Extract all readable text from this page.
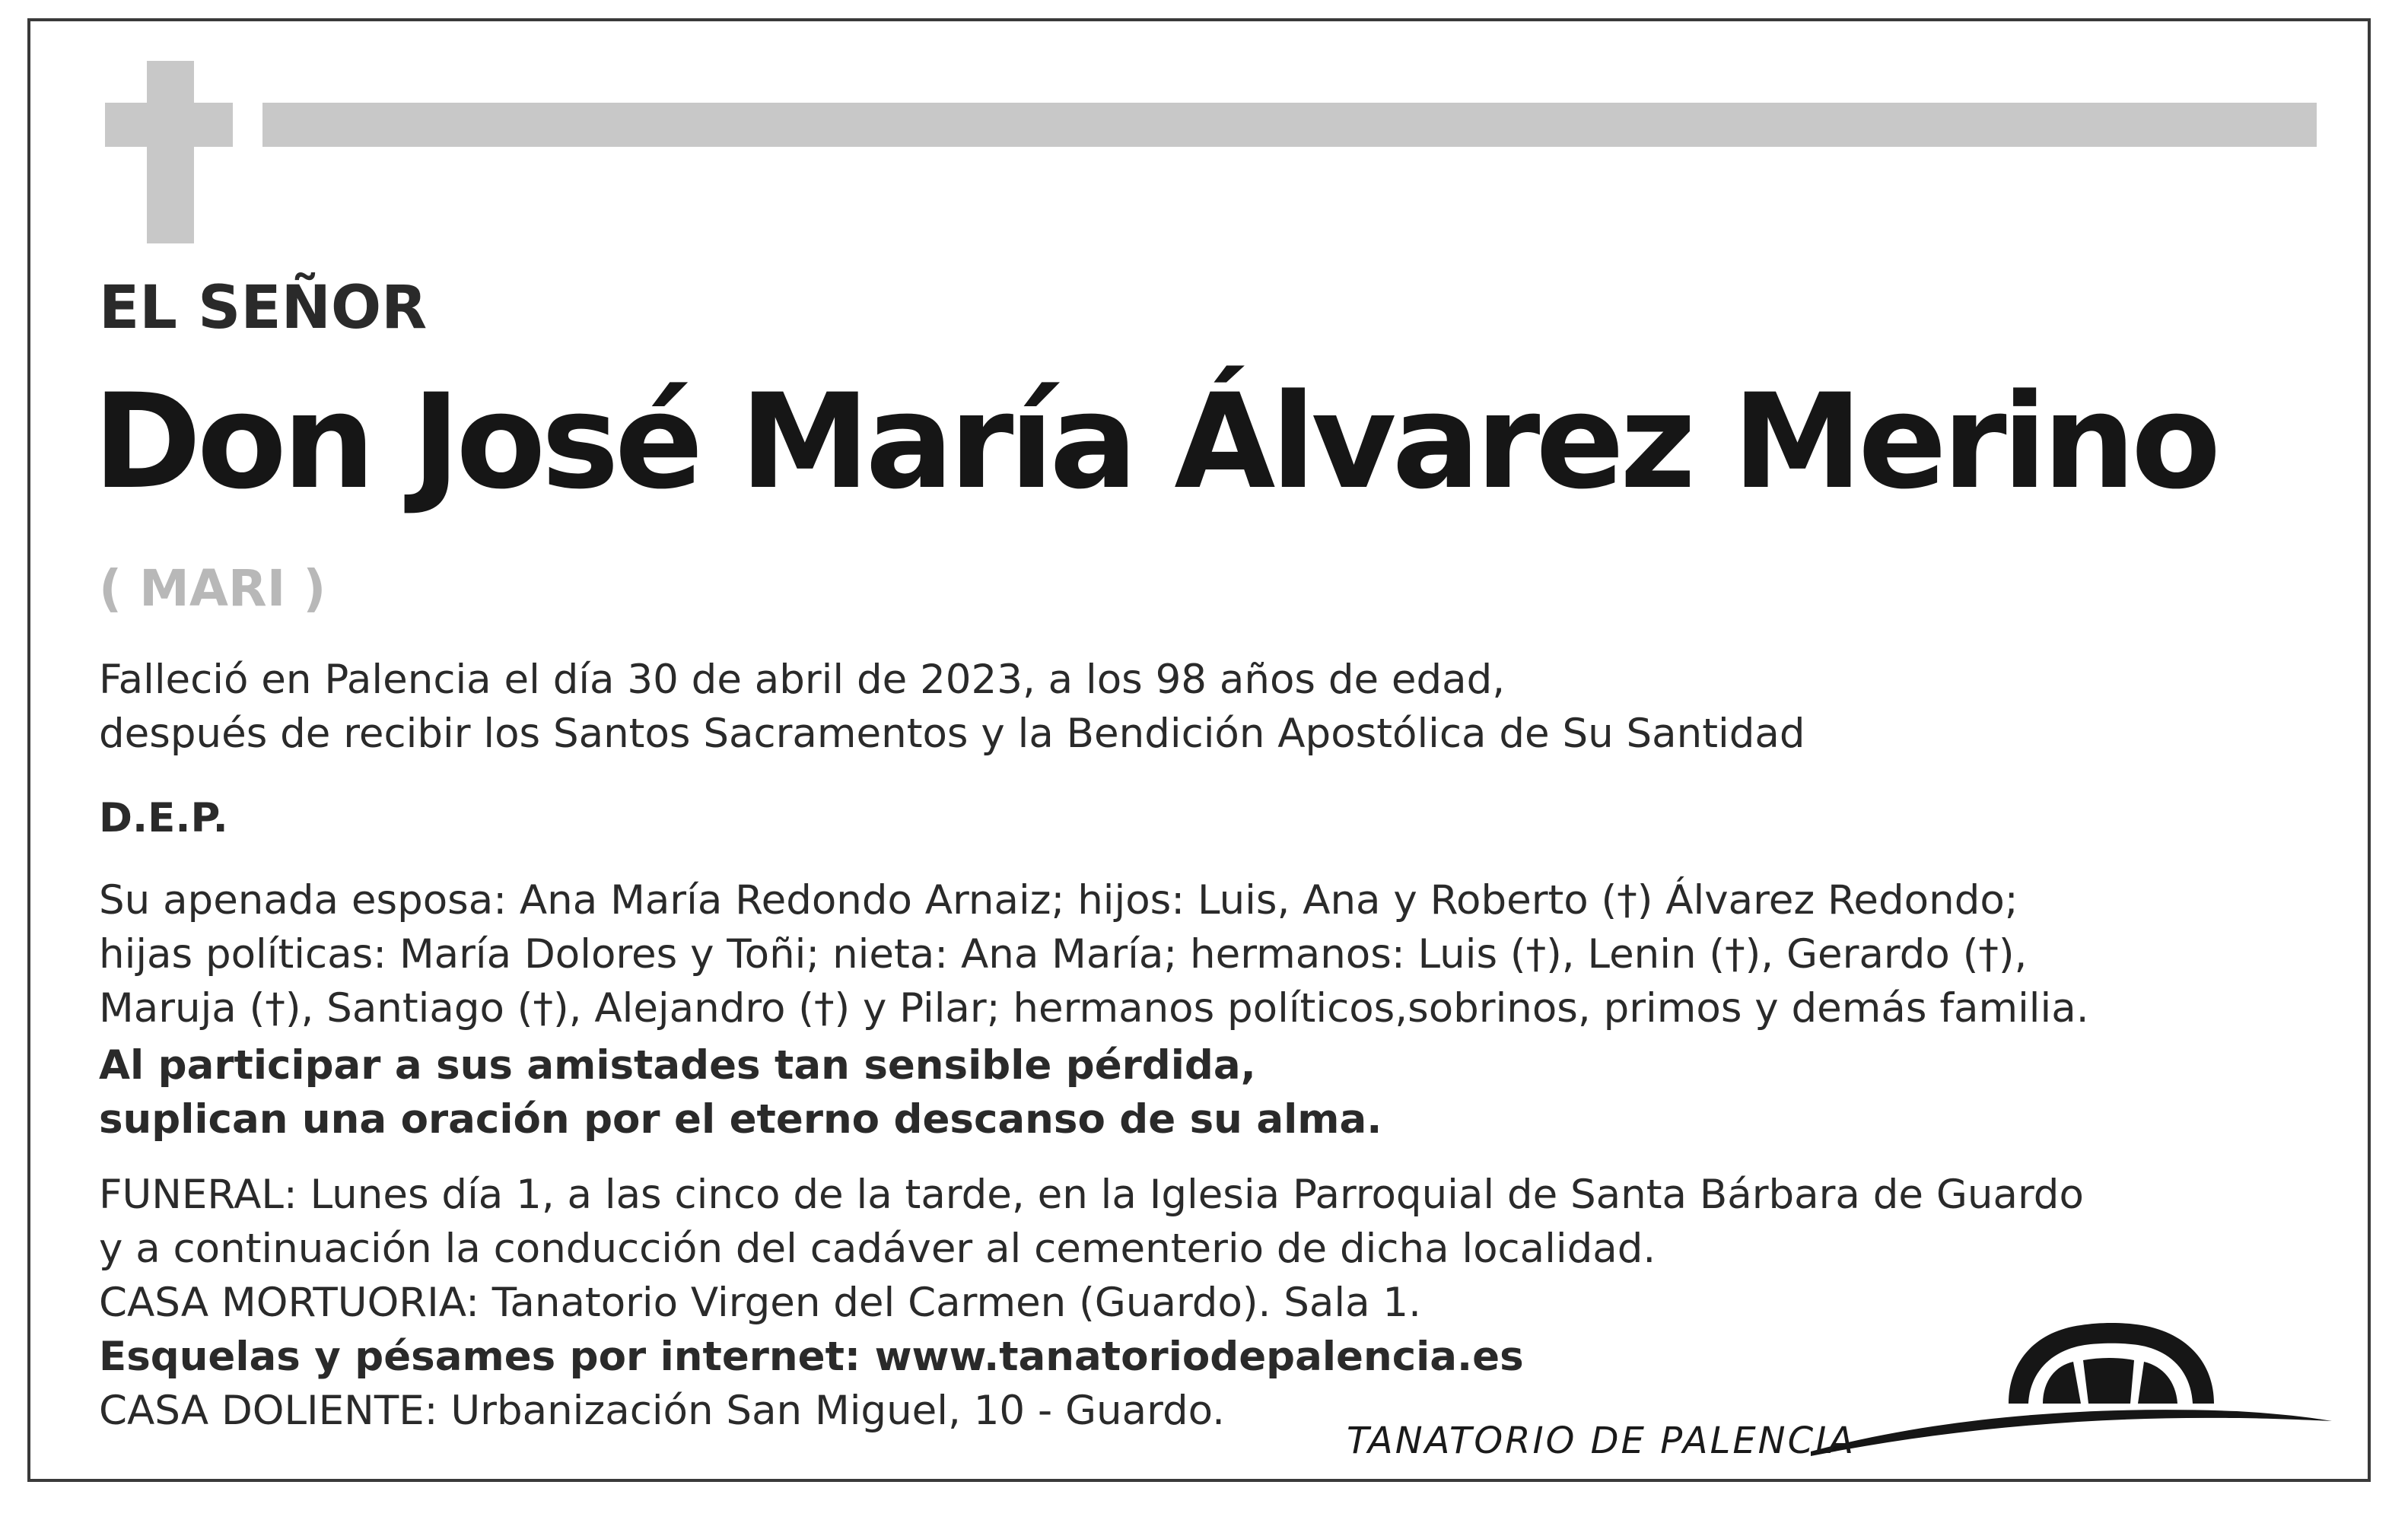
EL SEÑOR
Don José María Álvarez Merino
( MARI )
Falleció en Palencia el día 30 de abril de 2023, a los 98 años de edad,
después de recibir los Santos Sacramentos y la Bendición Apostólica de Su Santidad
D.E.P.
Su apenada esposa: Ana María Redondo Arnaiz; hijos: Luis, Ana y Roberto (†) Álvarez Redondo;
hijas políticas: María Dolores y Toñi; nieta: Ana María; hermanos: Luis (†), Lenin (†), Gerardo (†),
Maruja (†), Santiago (†), Alejandro (†) y Pilar; hermanos políticos,sobrinos, primos y demás familia.
Al participar a sus amistades tan sensible pérdida,
suplican una oración por el eterno descanso de su alma.
FUNERAL: Lunes día 1, a las cinco de la tarde, en la Iglesia Parroquial de Santa Bárbara de Guardo
y a continuación la conducción del cadáver al cementerio de dicha localidad.
CASA MORTUORIA: Tanatorio Virgen del Carmen (Guardo). Sala 1.
Esquelas y pésames por internet: www.tanatoriodepalencia.es
CASA DOLIENTE: Urbanización San Miguel, 10 - Guardo.
TANATORIO DE PALENCIA
